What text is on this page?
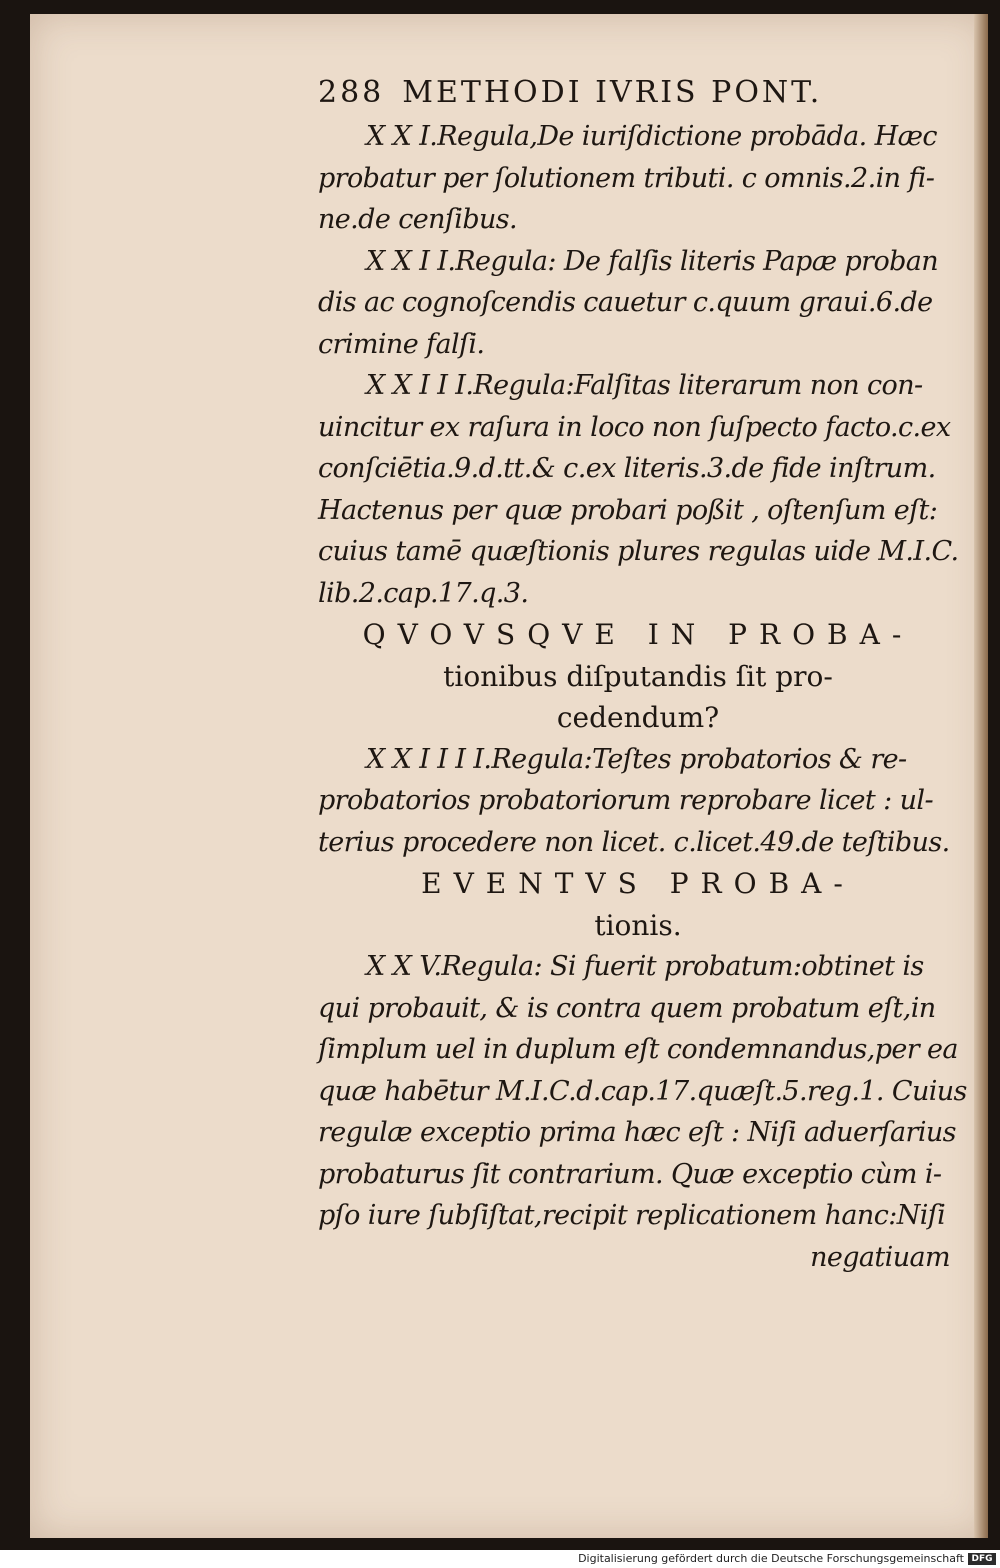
288 METHODI IVRIS PONT.
X X I.Regula,De iuriſdictione probāda. Hæc
probatur per ſolutionem tributi. c omnis.2.in fi-
ne.de cenſibus.
X X I I.Regula: De falſis literis Papæ proban
dis ac cognoſcendis cauetur c.quum graui.6.de
crimine falſi.
X X I I I.Regula:Falſitas literarum non con-
uincitur ex raſura in loco non ſuſpecto facto.c.ex
conſciētia.9.d.tt.& c.ex literis.3.de fide inſtrum.
Hactenus per quæ probari poßit , oſtenſum eſt:
cuius tamē quæſtionis plures regulas uide M.I.C.
lib.2.cap.17.q.3.
QVOVSQVE IN PROBA-
tionibus diſputandis ſit pro-
cedendum?
X X I I I I.Regula:Teſtes probatorios & re-
probatorios probatoriorum reprobare licet : ul-
terius procedere non licet. c.licet.49.de teſtibus.
EVENTVS PROBA-
tionis.
X X V.Regula: Si fuerit probatum:obtinet is
qui probauit, & is contra quem probatum eſt,in
ſimplum uel in duplum eſt condemnandus,per ea
quæ habētur M.I.C.d.cap.17.quæſt.5.reg.1. Cuius
regulæ exceptio prima hæc eſt : Niſi aduerſarius
probaturus ſit contrarium. Quæ exceptio cùm i-
pſo iure ſubſiſtat,recipit replicationem hanc:Niſi
negatiuam
Digitalisierung gefördert durch die Deutsche Forschungsgemeinschaft DFG
